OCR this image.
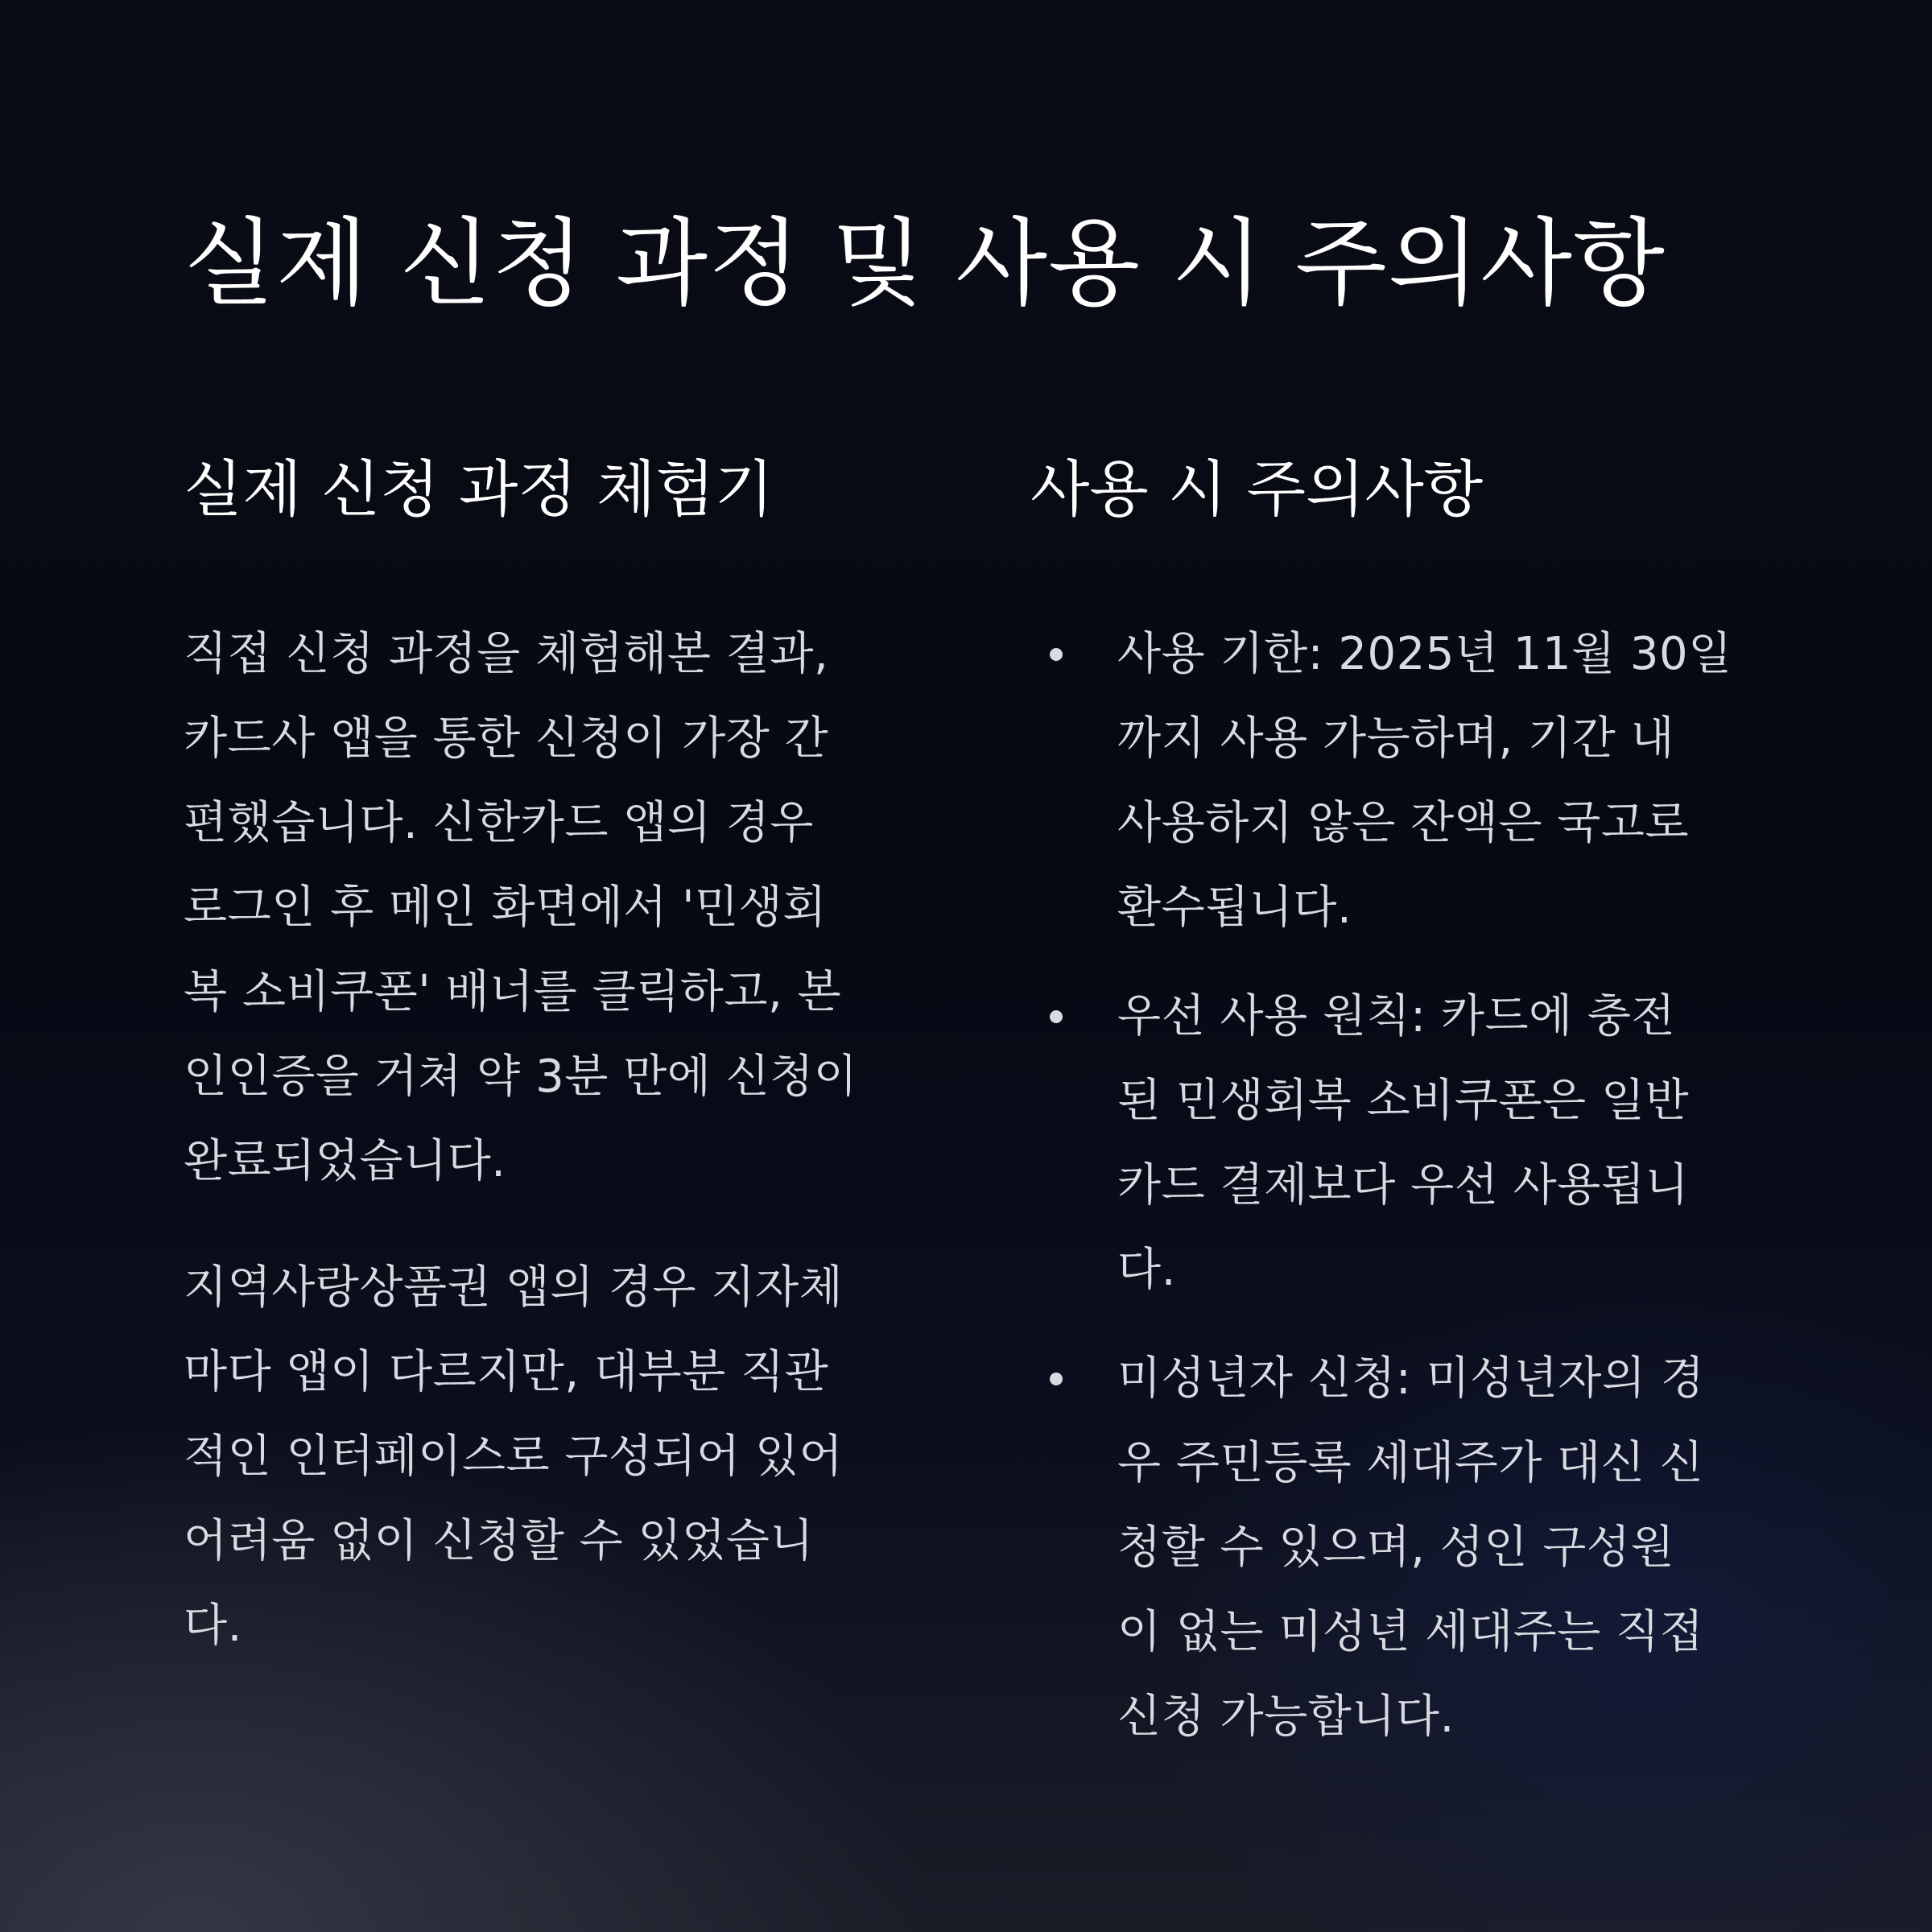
실제 신청 과정 및 사용 시 주의사항
실제 신청 과정 체험기

직접 신청 과정을 체험해본 결과,
카드사 앱을 통한 신청이 가장 간
편했습니다. 신한카드 앱의 경우
로그인 후 메인 화면에서 '민생회
복 소비쿠폰' 배너를 클릭하고, 본
인인증을 거쳐 약 3분 만에 신청이
완료되었습니다.

지역사랑상품권 앱의 경우 지자체
마다 앱이 다르지만, 대부분 직관
적인 인터페이스로 구성되어 있어
어려움 없이 신청할 수 있었습니
다.

사용 시 주의사항
사용 기한: 2025년 11월 30일
까지 사용 가능하며, 기간 내
사용하지 않은 잔액은 국고로
환수됩니다.
우선 사용 원칙: 카드에 충전
된 민생회복 소비쿠폰은 일반
카드 결제보다 우선 사용됩니
다.
미성년자 신청: 미성년자의 경
우 주민등록 세대주가 대신 신
청할 수 있으며, 성인 구성원
이 없는 미성년 세대주는 직접
신청 가능합니다.
